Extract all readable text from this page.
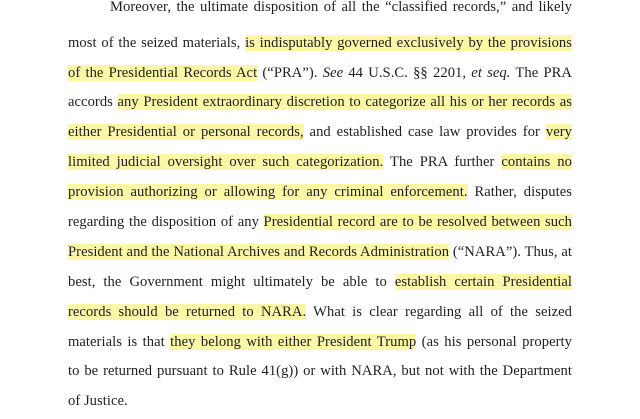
Moreover, the ultimate disposition of all the “classified records,” and likely
most of the seized materials, is indisputably governed exclusively by the provisions
of the Presidential Records Act (“PRA”). See 44 U.S.C. §§ 2201, et seq. The PRA
accords any President extraordinary discretion to categorize all his or her records as
either Presidential or personal records, and established case law provides for very
limited judicial oversight over such categorization. The PRA further contains no
provision authorizing or allowing for any criminal enforcement. Rather, disputes
regarding the disposition of any Presidential record are to be resolved between such
President and the National Archives and Records Administration (“NARA”). Thus, at
best, the Government might ultimately be able to establish certain Presidential
records should be returned to NARA. What is clear regarding all of the seized
materials is that they belong with either President Trump (as his personal property
to be returned pursuant to Rule 41(g)) or with NARA, but not with the Department
of Justice.
